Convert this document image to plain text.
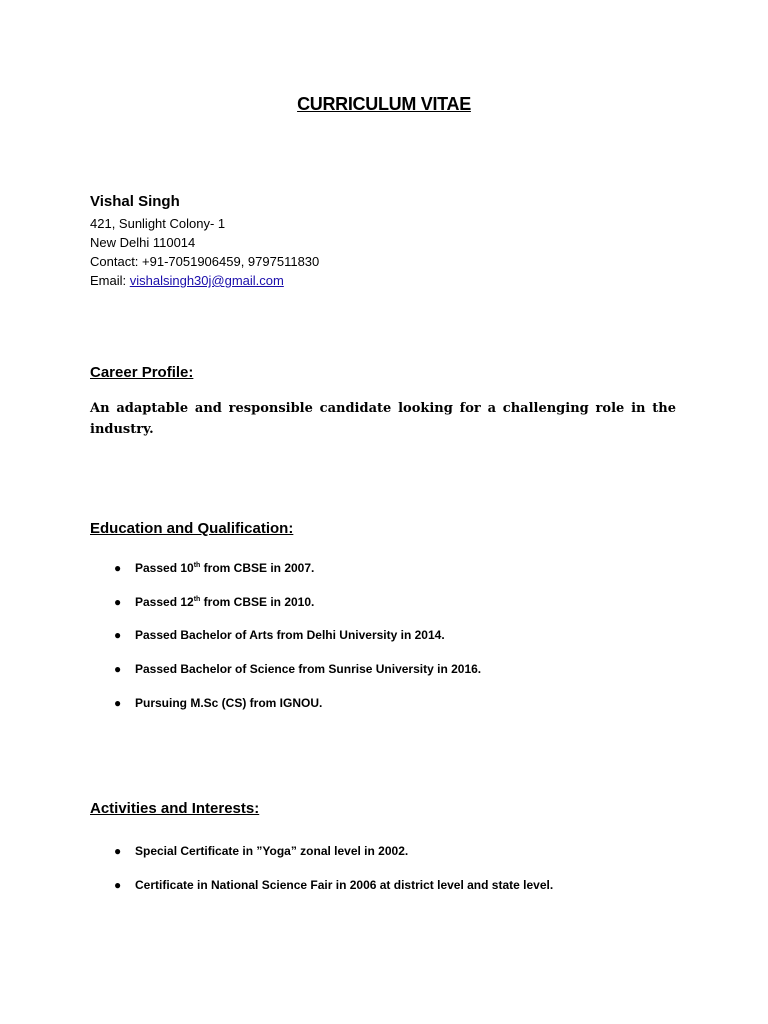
CURRICULUM VITAE
Vishal Singh
421, Sunlight Colony- 1
New Delhi 110014
Contact: +91-7051906459, 9797511830
Email: vishalsingh30j@gmail.com
Career Profile:
An adaptable and responsible candidate looking for a challenging role in the industry.
Education and Qualification:
● Passed 10th from CBSE in 2007.
● Passed 12th from CBSE in 2010.
● Passed Bachelor of Arts from Delhi University in 2014.
● Passed Bachelor of Science from Sunrise University in 2016.
● Pursuing M.Sc (CS) from IGNOU.
Activities and Interests:
● Special Certificate in ”Yoga” zonal level in 2002.
● Certificate in National Science Fair in 2006 at district level and state level.
